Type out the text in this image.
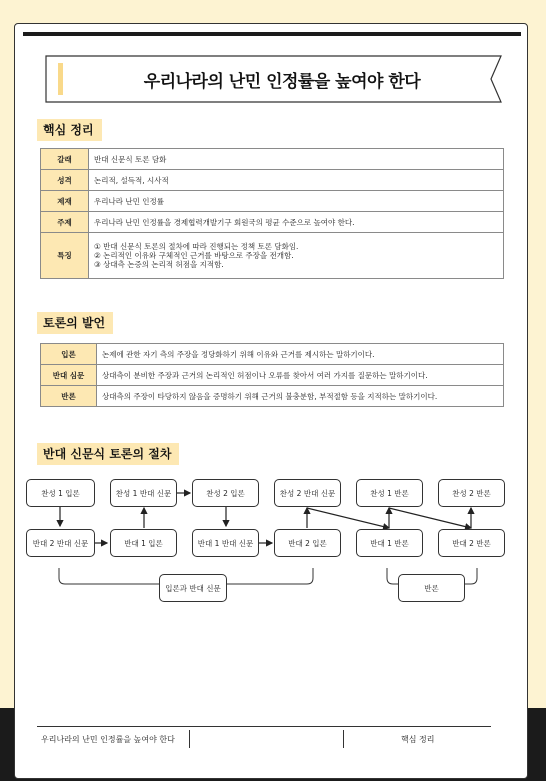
우리나라의 난민 인정률을 높여야 한다
핵심 정리
갈래	반대 신문식 토론 담화
성격	논리적, 설득적, 시사적
제재	우리나라 난민 인정률
주제	우리나라 난민 인정률을 경제협력개발기구 회원국의 평균 수준으로 높여야 한다.
특징	① 반대 신문식 토론의 절차에 따라 진행되는 정책 토론 담화임.
② 논리적인 이유와 구체적인 근거를 바탕으로 주장을 전개함.
③ 상대측 논증의 논리적 허점을 지적함.
토론의 발언
입론	논제에 관한 자기 측의 주장을 정당화하기 위해 이유와 근거를 제시하는 말하기이다.
반대 심문	상대측이 분비한 주장과 근거의 논리적인 허점이나 오류를 찾아서 여러 가지를 질문하는 말하기이다.
반론	상대측의 주장이 타당하지 않음을 증명하기 위해 근거의 불충분함, 부적절함 등을 지적하는 말하기이다.
반대 신문식 토론의 절차
찬성 1 입론	찬성 1 반대 신문	찬성 2 입론	찬성 2 반대 신문	찬성 1 반론	찬성 2 반론
반대 2 반대 신문	반대 1 입론	반대 1 반대 신문	반대 2 입론	반대 1 반론	반대 2 반론
입론과 반대 신문	반론
우리나라의 난민 인정률을 높여야 한다	핵심 정리
